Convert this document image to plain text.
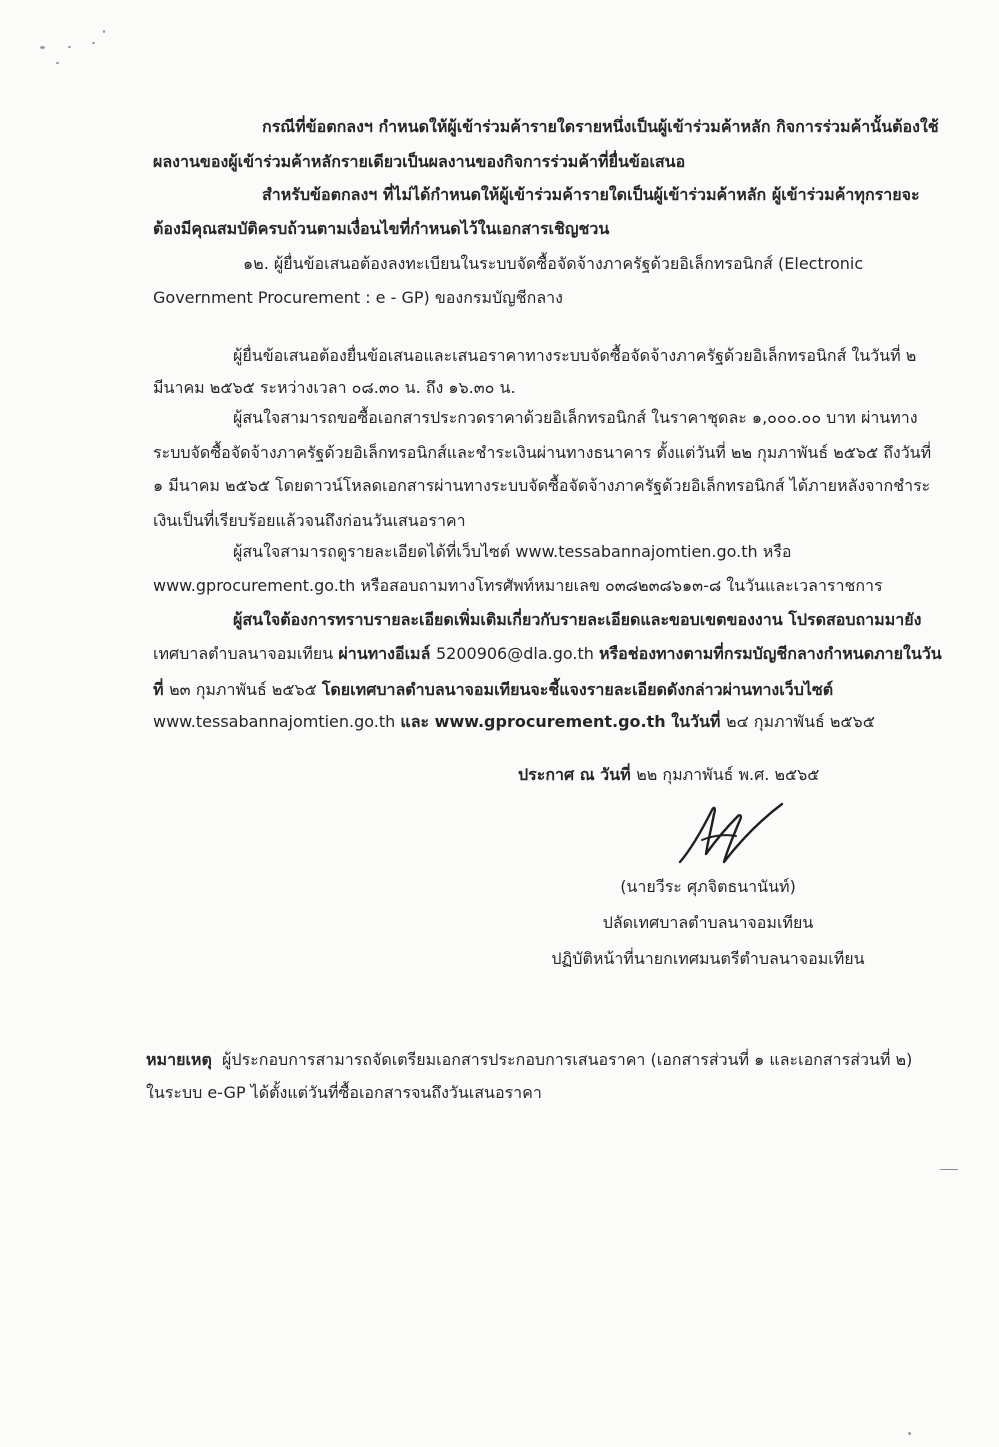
กรณีที่ข้อตกลงฯ กำหนดให้ผู้เข้าร่วมค้ารายใดรายหนึ่งเป็นผู้เข้าร่วมค้าหลัก กิจการร่วมค้านั้นต้องใช้

ผลงานของผู้เข้าร่วมค้าหลักรายเดียวเป็นผลงานของกิจการร่วมค้าที่ยื่นข้อเสนอ

สำหรับข้อตกลงฯ ที่ไม่ได้กำหนดให้ผู้เข้าร่วมค้ารายใดเป็นผู้เข้าร่วมค้าหลัก ผู้เข้าร่วมค้าทุกรายจะ

ต้องมีคุณสมบัติครบถ้วนตามเงื่อนไขที่กำหนดไว้ในเอกสารเชิญชวน

๑๒. ผู้ยื่นข้อเสนอต้องลงทะเบียนในระบบจัดซื้อจัดจ้างภาครัฐด้วยอิเล็กทรอนิกส์ (Electronic

Government Procurement : e - GP) ของกรมบัญชีกลาง

ผู้ยื่นข้อเสนอต้องยื่นข้อเสนอและเสนอราคาทางระบบจัดซื้อจัดจ้างภาครัฐด้วยอิเล็กทรอนิกส์ ในวันที่ ๒

มีนาคม ๒๕๖๕ ระหว่างเวลา ๐๘.๓๐ น. ถึง ๑๖.๓๐ น.

ผู้สนใจสามารถขอซื้อเอกสารประกวดราคาด้วยอิเล็กทรอนิกส์ ในราคาชุดละ ๑,๐๐๐.๐๐ บาท ผ่านทาง

ระบบจัดซื้อจัดจ้างภาครัฐด้วยอิเล็กทรอนิกส์และชำระเงินผ่านทางธนาคาร ตั้งแต่วันที่ ๒๒ กุมภาพันธ์ ๒๕๖๕ ถึงวันที่

๑ มีนาคม ๒๕๖๕ โดยดาวน์โหลดเอกสารผ่านทางระบบจัดซื้อจัดจ้างภาครัฐด้วยอิเล็กทรอนิกส์ ได้ภายหลังจากชำระ

เงินเป็นที่เรียบร้อยแล้วจนถึงก่อนวันเสนอราคา

ผู้สนใจสามารถดูรายละเอียดได้ที่เว็บไซต์ www.tessabannajomtien.go.th หรือ

www.gprocurement.go.th หรือสอบถามทางโทรศัพท์หมายเลข ๐๓๘๒๓๘๖๑๓-๘ ในวันและเวลาราชการ

ผู้สนใจต้องการทราบรายละเอียดเพิ่มเติมเกี่ยวกับรายละเอียดและขอบเขตของงาน โปรดสอบถามมายัง

เทศบาลตำบลนาจอมเทียน ผ่านทางอีเมล์ 5200906@dla.go.th หรือช่องทางตามที่กรมบัญชีกลางกำหนดภายในวัน

ที่ ๒๓ กุมภาพันธ์ ๒๕๖๕ โดยเทศบาลตำบลนาจอมเทียนจะชี้แจงรายละเอียดดังกล่าวผ่านทางเว็บไซต์

www.tessabannajomtien.go.th และ www.gprocurement.go.th ในวันที่ ๒๔ กุมภาพันธ์ ๒๕๖๕

ประกาศ ณ วันที่ ๒๒ กุมภาพันธ์ พ.ศ. ๒๕๖๕

(นายวีระ ศุภจิตธนานันท์)

ปลัดเทศบาลตำบลนาจอมเทียน

ปฏิบัติหน้าที่นายกเทศมนตรีตำบลนาจอมเทียน

หมายเหตุ ผู้ประกอบการสามารถจัดเตรียมเอกสารประกอบการเสนอราคา (เอกสารส่วนที่ ๑ และเอกสารส่วนที่ ๒)

ในระบบ e-GP ได้ตั้งแต่วันที่ซื้อเอกสารจนถึงวันเสนอราคา
